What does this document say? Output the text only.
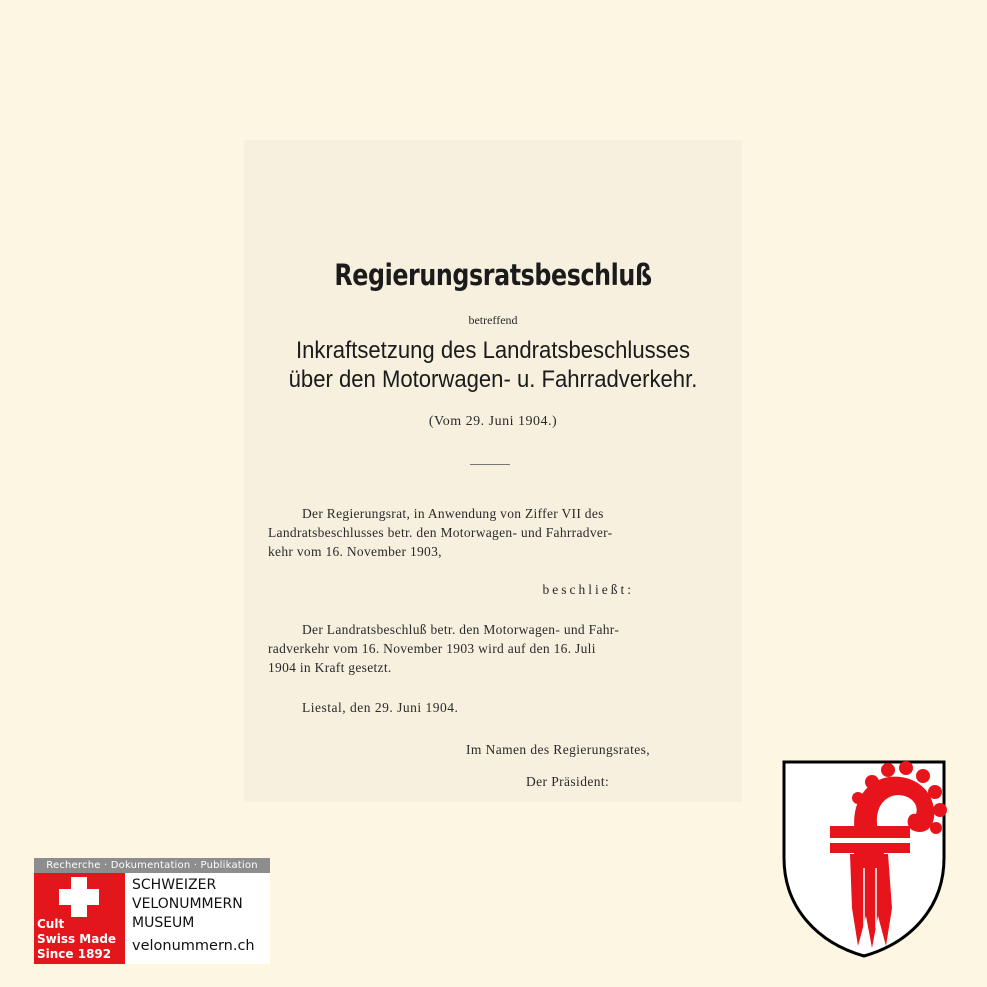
Regierungsratsbeschluß
betreffend
Inkraftsetzung des Landratsbeschlusses
über den Motorwagen- u. Fahrradverkehr.
(Vom 29. Juni 1904.)
Der Regierungsrat, in Anwendung von Ziffer VII des
Landratsbeschlusses betr. den Motorwagen- und Fahrradver-
kehr vom 16. November 1903,
beschließt:
Der Landratsbeschluß betr. den Motorwagen- und Fahr-
radverkehr vom 16. November 1903 wird auf den 16. Juli
1904 in Kraft gesetzt.
Liestal, den 29. Juni 1904.
Im Namen des Regierungsrates,
Der Präsident:
Recherche · Dokumentation · Publikation
Cult
Swiss Made
Since 1892
SCHWEIZER
VELONUMMERN
MUSEUM
velonummern.ch
